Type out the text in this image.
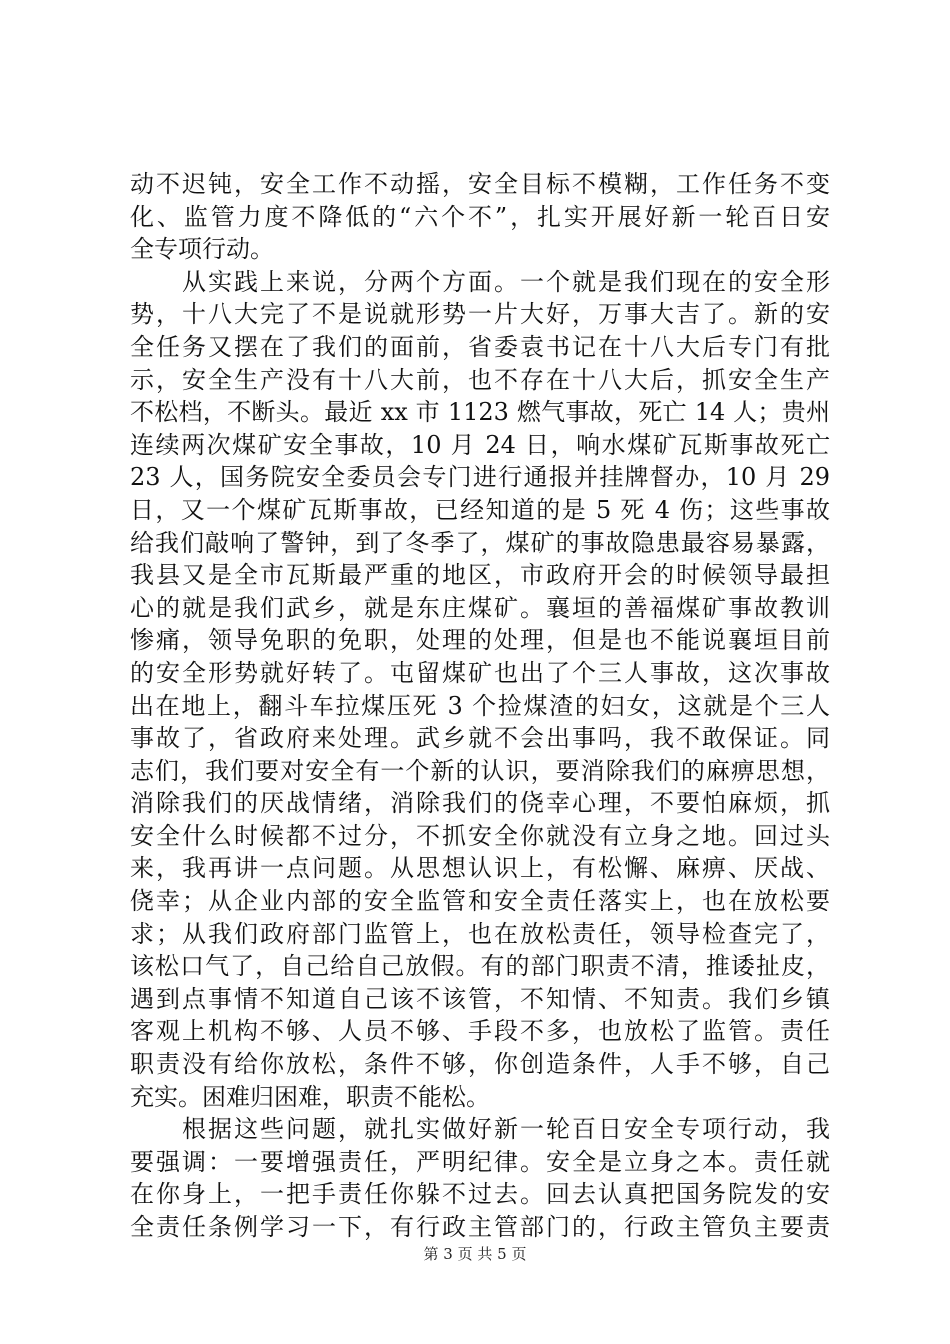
动不迟钝，安全工作不动摇，安全目标不模糊，工作任务不变
化、监管力度不降低的“六个不”，扎实开展好新一轮百日安
全专项行动。
　　从实践上来说，分两个方面。一个就是我们现在的安全形
势，十八大完了不是说就形势一片大好，万事大吉了。新的安
全任务又摆在了我们的面前，省委袁书记在十八大后专门有批
示，安全生产没有十八大前，也不存在十八大后，抓安全生产
不松档，不断头。最近 xx 市 1123 燃气事故，死亡 14 人；贵州
连续两次煤矿安全事故，10 月 24 日，响水煤矿瓦斯事故死亡
23 人，国务院安全委员会专门进行通报并挂牌督办，10 月 29
日，又一个煤矿瓦斯事故，已经知道的是 5 死 4 伤；这些事故
给我们敲响了警钟，到了冬季了，煤矿的事故隐患最容易暴露，
我县又是全市瓦斯最严重的地区，市政府开会的时候领导最担
心的就是我们武乡，就是东庄煤矿。襄垣的善福煤矿事故教训
惨痛，领导免职的免职，处理的处理，但是也不能说襄垣目前
的安全形势就好转了。屯留煤矿也出了个三人事故，这次事故
出在地上，翻斗车拉煤压死 3 个捡煤渣的妇女，这就是个三人
事故了，省政府来处理。武乡就不会出事吗，我不敢保证。同
志们，我们要对安全有一个新的认识，要消除我们的麻痹思想，
消除我们的厌战情绪，消除我们的侥幸心理，不要怕麻烦，抓
安全什么时候都不过分，不抓安全你就没有立身之地。回过头
来，我再讲一点问题。从思想认识上，有松懈、麻痹、厌战、
侥幸；从企业内部的安全监管和安全责任落实上，也在放松要
求；从我们政府部门监管上，也在放松责任，领导检查完了，
该松口气了，自己给自己放假。有的部门职责不清，推诿扯皮，
遇到点事情不知道自己该不该管，不知情、不知责。我们乡镇
客观上机构不够、人员不够、手段不多，也放松了监管。责任
职责没有给你放松，条件不够，你创造条件，人手不够，自己
充实。困难归困难，职责不能松。
　　根据这些问题，就扎实做好新一轮百日安全专项行动，我
要强调：一要增强责任，严明纪律。安全是立身之本。责任就
在你身上，一把手责任你躲不过去。回去认真把国务院发的安
全责任条例学习一下，有行政主管部门的，行政主管负主要责
第 3 页 共 5 页
